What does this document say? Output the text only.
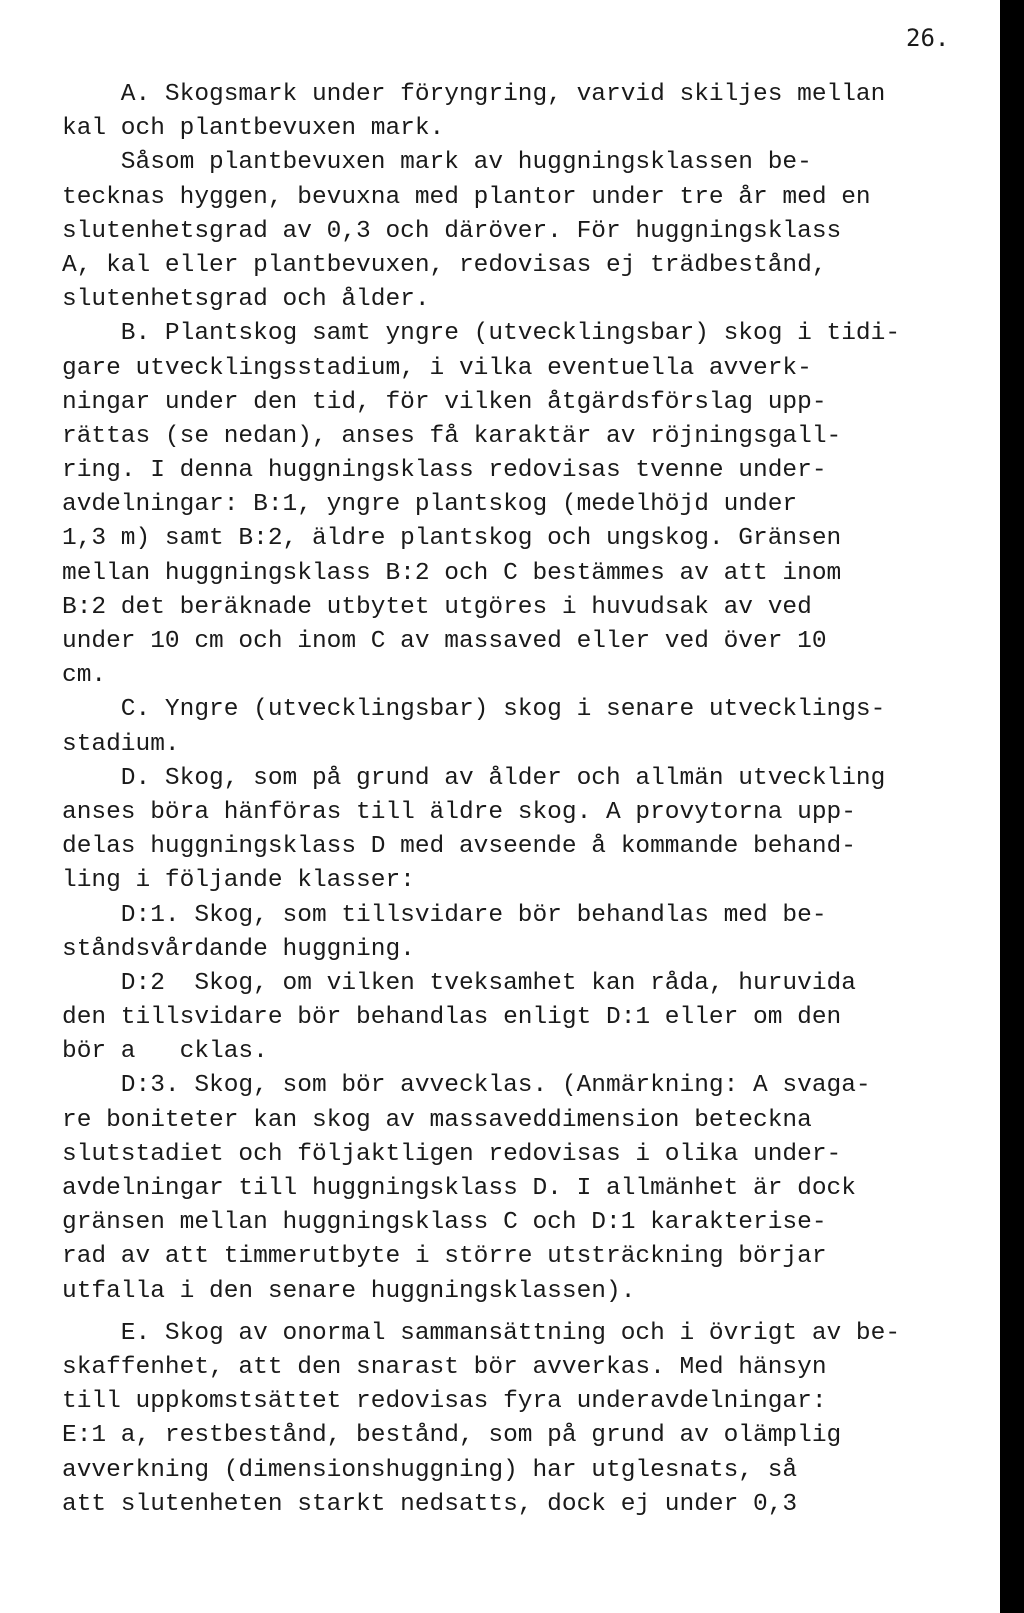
26.
A. Skogsmark under föryngring, varvid skiljes mellan
kal och plantbevuxen mark.
Såsom plantbevuxen mark av huggningsklassen be-
tecknas hyggen, bevuxna med plantor under tre år med en
slutenhetsgrad av 0,3 och däröver. För huggningsklass
A, kal eller plantbevuxen, redovisas ej trädbestånd,
slutenhetsgrad och ålder.
B. Plantskog samt yngre (utvecklingsbar) skog i tidi-
gare utvecklingsstadium, i vilka eventuella avverk-
ningar under den tid, för vilken åtgärdsförslag upp-
rättas (se nedan), anses få karaktär av röjningsgall-
ring. I denna huggningsklass redovisas tvenne under-
avdelningar: B:1, yngre plantskog (medelhöjd under
1,3 m) samt B:2, äldre plantskog och ungskog. Gränsen
mellan huggningsklass B:2 och C bestämmes av att inom
B:2 det beräknade utbytet utgöres i huvudsak av ved
under 10 cm och inom C av massaved eller ved över 10
cm.
C. Yngre (utvecklingsbar) skog i senare utvecklings-
stadium.
D. Skog, som på grund av ålder och allmän utveckling
anses böra hänföras till äldre skog. A provytorna upp-
delas huggningsklass D med avseende å kommande behand-
ling i följande klasser:
D:1. Skog, som tillsvidare bör behandlas med be-
ståndsvårdande huggning.
D:2  Skog, om vilken tveksamhet kan råda, huruvida
den tillsvidare bör behandlas enligt D:1 eller om den
bör a   cklas.
D:3. Skog, som bör avvecklas. (Anmärkning: A svaga-
re boniteter kan skog av massaveddimension beteckna
slutstadiet och följaktligen redovisas i olika under-
avdelningar till huggningsklass D. I allmänhet är dock
gränsen mellan huggningsklass C och D:1 karakterise-
rad av att timmerutbyte i större utsträckning börjar
utfalla i den senare huggningsklassen).
E. Skog av onormal sammansättning och i övrigt av be-
skaffenhet, att den snarast bör avverkas. Med hänsyn
till uppkomstsättet redovisas fyra underavdelningar:
E:1 a, restbestånd, bestånd, som på grund av olämplig
avverkning (dimensionshuggning) har utglesnats, så
att slutenheten starkt nedsatts, dock ej under 0,3
